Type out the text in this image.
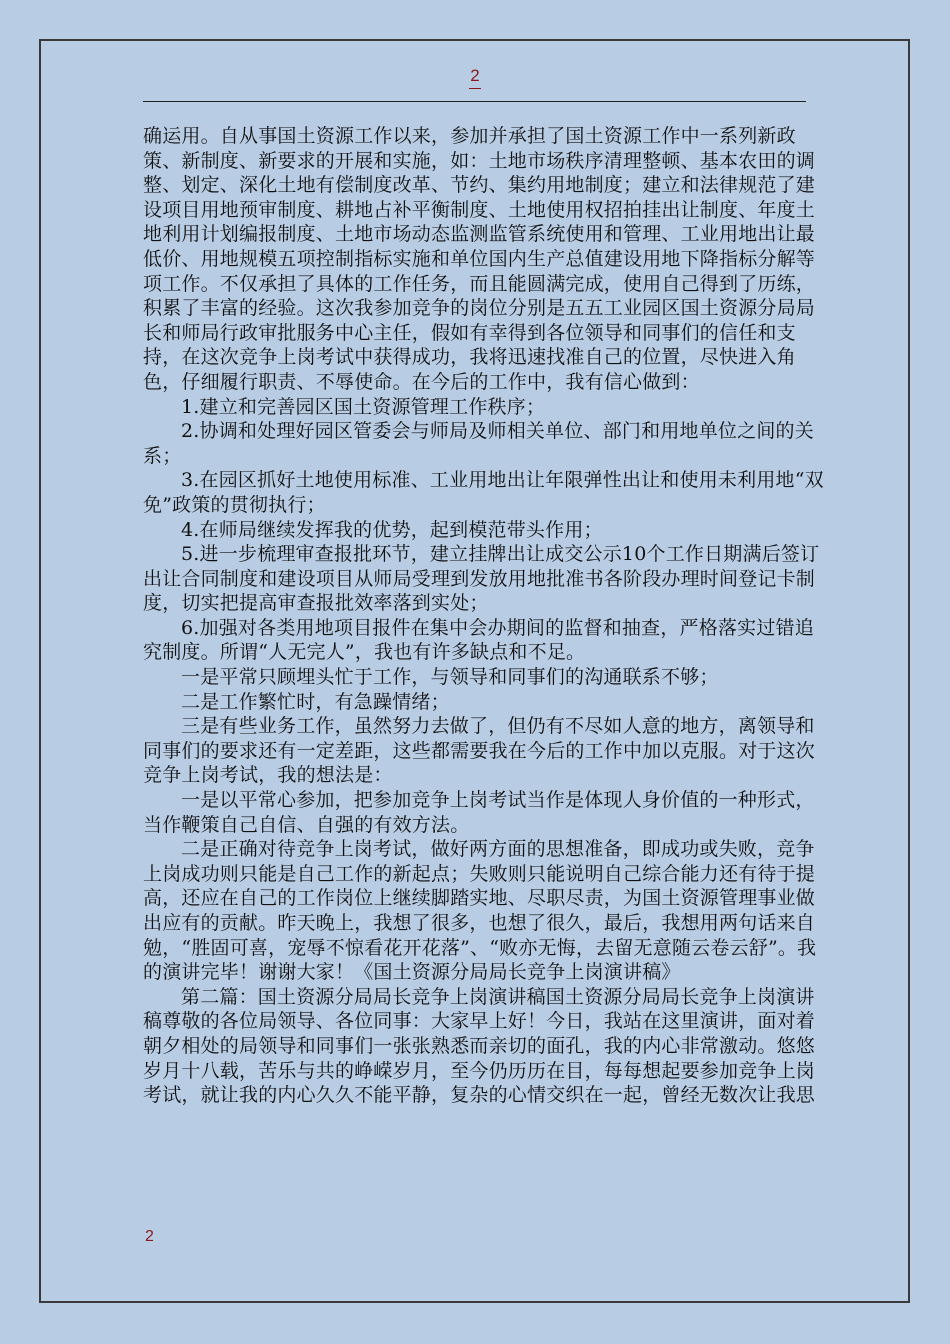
2

确运用。自从事国土资源工作以来，参加并承担了国土资源工作中一系列新政策、新制度、新要求的开展和实施，如：土地市场秩序清理整顿、基本农田的调整、划定、深化土地有偿制度改革、节约、集约用地制度；建立和法律规范了建设项目用地预审制度、耕地占补平衡制度、土地使用权招拍挂出让制度、年度土地利用计划编报制度、土地市场动态监测监管系统使用和管理、工业用地出让最低价、用地规模五项控制指标实施和单位国内生产总值建设用地下降指标分解等项工作。不仅承担了具体的工作任务，而且能圆满完成，使用自己得到了历练，积累了丰富的经验。这次我参加竞争的岗位分别是五五工业园区国土资源分局局长和师局行政审批服务中心主任，假如有幸得到各位领导和同事们的信任和支持，在这次竞争上岗考试中获得成功，我将迅速找准自己的位置，尽快进入角色，仔细履行职责、不辱使命。在今后的工作中，我有信心做到：

1.建立和完善园区国土资源管理工作秩序；

2.协调和处理好园区管委会与师局及师相关单位、部门和用地单位之间的关系；

3.在园区抓好土地使用标准、工业用地出让年限弹性出让和使用未利用地“双免”政策的贯彻执行；

4.在师局继续发挥我的优势，起到模范带头作用；

5.进一步梳理审查报批环节，建立挂牌出让成交公示10个工作日期满后签订出让合同制度和建设项目从师局受理到发放用地批准书各阶段办理时间登记卡制度，切实把提高审查报批效率落到实处；

6.加强对各类用地项目报件在集中会办期间的监督和抽查，严格落实过错追究制度。所谓“人无完人”，我也有许多缺点和不足。

一是平常只顾埋头忙于工作，与领导和同事们的沟通联系不够；

二是工作繁忙时，有急躁情绪；

三是有些业务工作，虽然努力去做了，但仍有不尽如人意的地方，离领导和同事们的要求还有一定差距，这些都需要我在今后的工作中加以克服。对于这次竞争上岗考试，我的想法是：

一是以平常心参加，把参加竞争上岗考试当作是体现人身价值的一种形式，当作鞭策自己自信、自强的有效方法。

二是正确对待竞争上岗考试，做好两方面的思想准备，即成功或失败，竞争上岗成功则只能是自己工作的新起点；失败则只能说明自己综合能力还有待于提高，还应在自己的工作岗位上继续脚踏实地、尽职尽责，为国土资源管理事业做出应有的贡献。昨天晚上，我想了很多，也想了很久，最后，我想用两句话来自勉，“胜固可喜，宠辱不惊看花开花落”、“败亦无悔，去留无意随云卷云舒”。我的演讲完毕！谢谢大家！《国土资源分局局长竞争上岗演讲稿》

第二篇：国土资源分局局长竞争上岗演讲稿国土资源分局局长竞争上岗演讲稿尊敬的各位局领导、各位同事：大家早上好！今日，我站在这里演讲，面对着朝夕相处的局领导和同事们一张张熟悉而亲切的面孔，我的内心非常激动。悠悠岁月十八载，苦乐与共的峥嵘岁月，至今仍历历在目，每每想起要参加竞争上岗考试，就让我的内心久久不能平静，复杂的心情交织在一起，曾经无数次让我思

2
